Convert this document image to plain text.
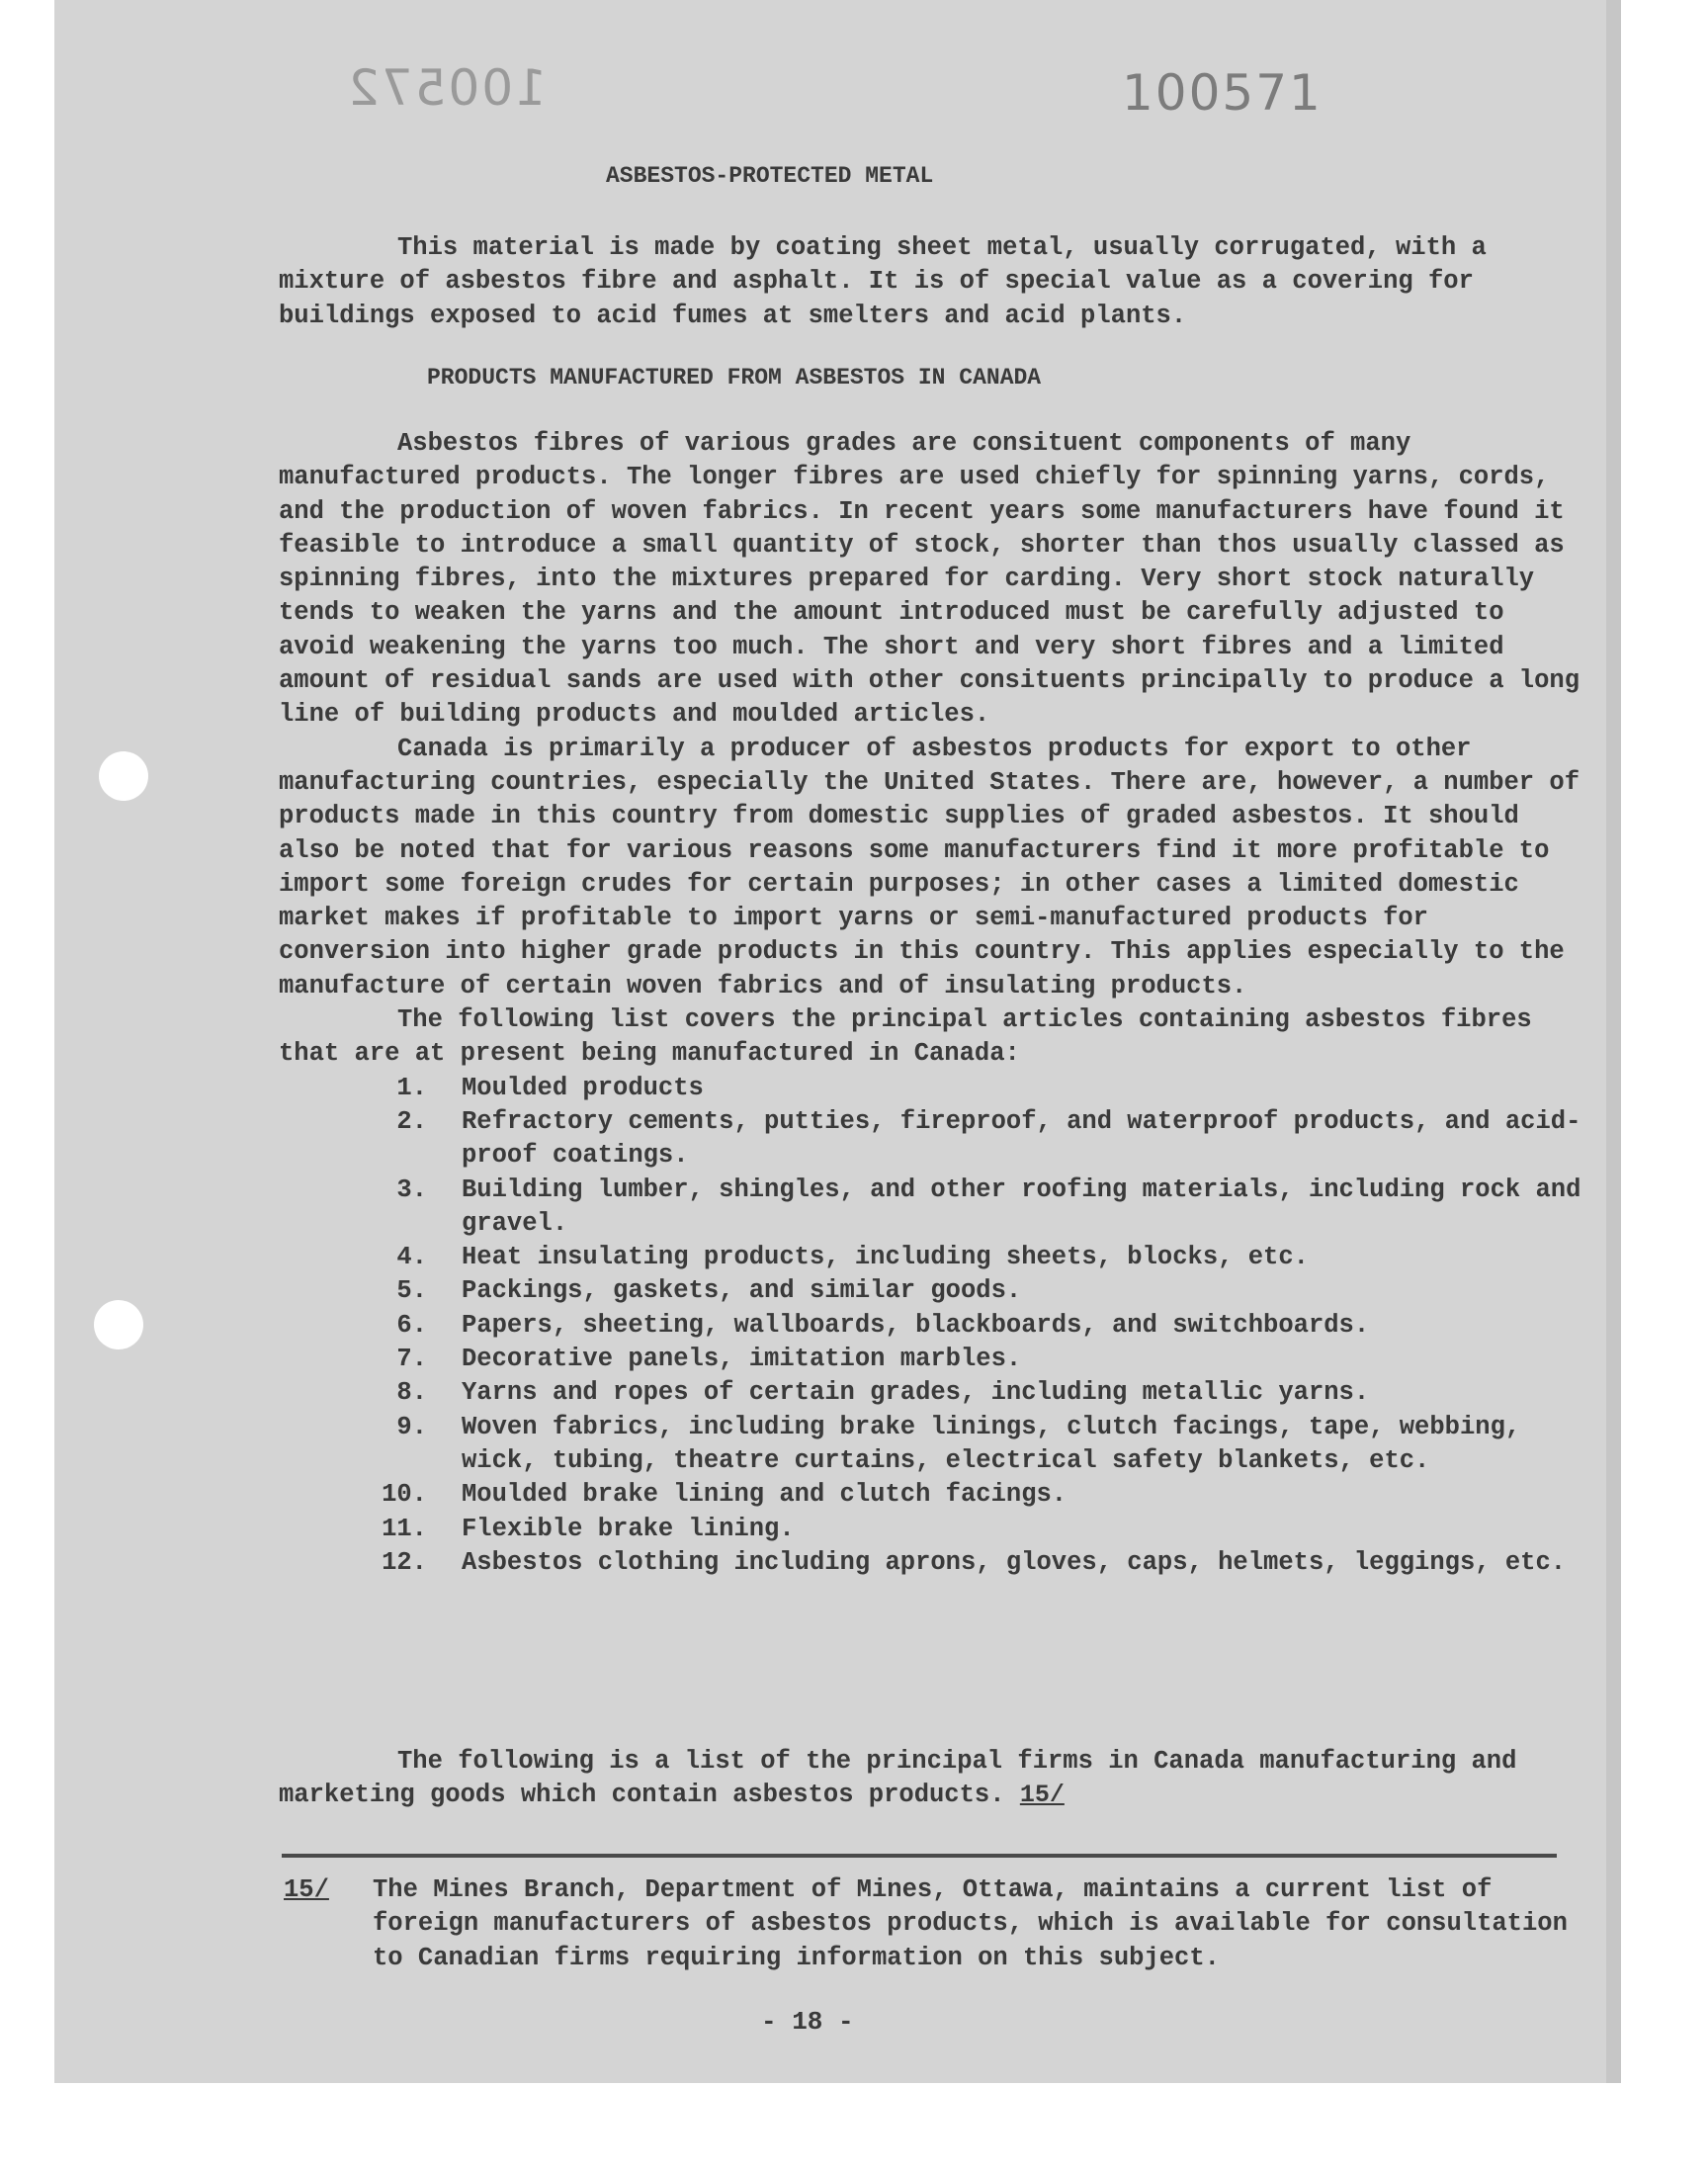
100572	100571
ASBESTOS-PROTECTED METAL

This material is made by coating sheet metal, usually corrugated, with a mixture of asbestos fibre and asphalt. It is of special value as a covering for buildings exposed to acid fumes at smelters and acid plants.

PRODUCTS MANUFACTURED FROM ASBESTOS IN CANADA

Asbestos fibres of various grades are consituent components of many manufactured products. The longer fibres are used chiefly for spinning yarns, cords, and the production of woven fabrics. In recent years some manufacturers have found it feasible to introduce a small quantity of stock, shorter than thos usually classed as spinning fibres, into the mixtures prepared for carding. Very short stock naturally tends to weaken the yarns and the amount introduced must be carefully adjusted to avoid weakening the yarns too much. The short and very short fibres and a limited amount of residual sands are used with other consituents principally to produce a long line of building products and moulded articles.

Canada is primarily a producer of asbestos products for export to other manufacturing countries, especially the United States. There are, however, a number of products made in this country from domestic supplies of graded asbestos. It should also be noted that for various reasons some manufacturers find it more profitable to import some foreign crudes for certain purposes; in other cases a limited domestic market makes if profitable to import yarns or semi-manufactured products for conversion into higher grade products in this country. This applies especially to the manufacture of certain woven fabrics and of insulating products.

The following list covers the principal articles containing asbestos fibres that are at present being manufactured in Canada:

1. Moulded products
2. Refractory cements, putties, fireproof, and waterproof products, and acid-proof coatings.
3. Building lumber, shingles, and other roofing materials, including rock and gravel.
4. Heat insulating products, including sheets, blocks, etc.
5. Packings, gaskets, and similar goods.
6. Papers, sheeting, wallboards, blackboards, and switchboards.
7. Decorative panels, imitation marbles.
8. Yarns and ropes of certain grades, including metallic yarns.
9. Woven fabrics, including brake linings, clutch facings, tape, webbing, wick, tubing, theatre curtains, electrical safety blankets, etc.
10. Moulded brake lining and clutch facings.
11. Flexible brake lining.
12. Asbestos clothing including aprons, gloves, caps, helmets, leggings, etc.

The following is a list of the principal firms in Canada manufacturing and marketing goods which contain asbestos products. 15/

15/ The Mines Branch, Department of Mines, Ottawa, maintains a current list of foreign manufacturers of asbestos products, which is available for consultation to Canadian firms requiring information on this subject.
- 18 -
